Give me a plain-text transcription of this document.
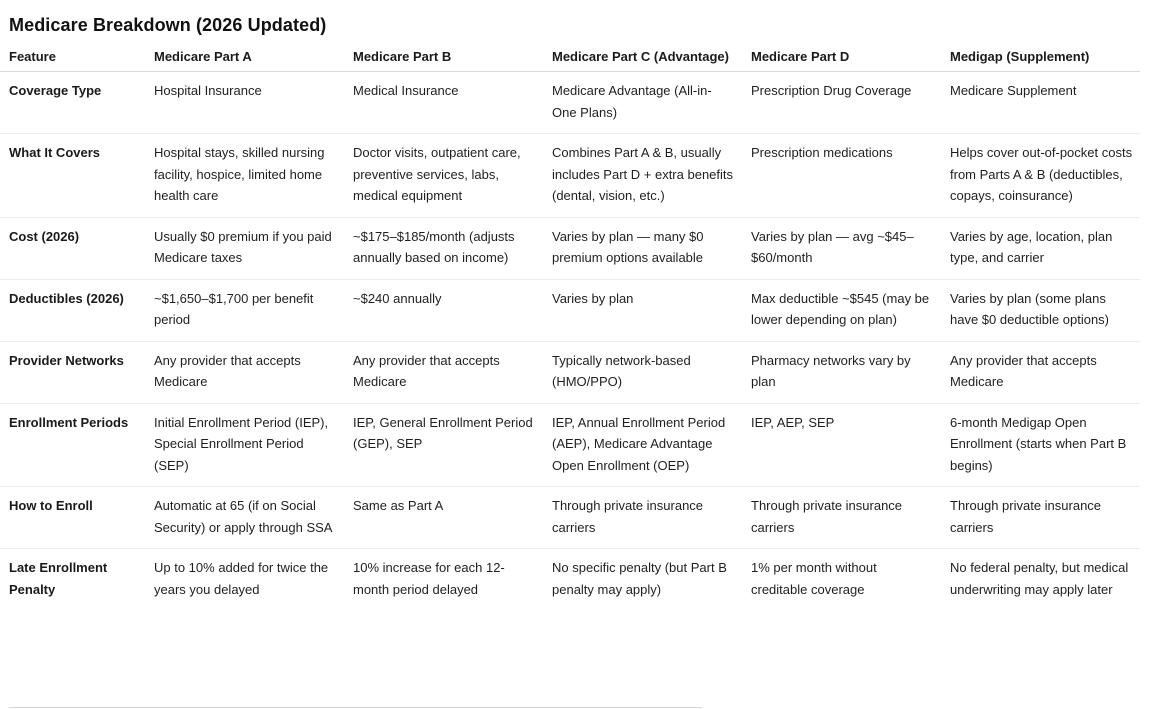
Medicare Breakdown (2026 Updated)
Feature	Medicare Part A	Medicare Part B	Medicare Part C (Advantage)	Medicare Part D	Medigap (Supplement)
Coverage Type	Hospital Insurance	Medical Insurance	Medicare Advantage (All-in-One Plans)	Prescription Drug Coverage	Medicare Supplement
What It Covers	Hospital stays, skilled nursing facility, hospice, limited home health care	Doctor visits, outpatient care, preventive services, labs, medical equipment	Combines Part A & B, usually includes Part D + extra benefits (dental, vision, etc.)	Prescription medications	Helps cover out-of-pocket costs from Parts A & B (deductibles, copays, coinsurance)
Cost (2026)	Usually $0 premium if you paid Medicare taxes	~$175–$185/month (adjusts annually based on income)	Varies by plan — many $0 premium options available	Varies by plan — avg ~$45–$60/month	Varies by age, location, plan type, and carrier
Deductibles (2026)	~$1,650–$1,700 per benefit period	~$240 annually	Varies by plan	Max deductible ~$545 (may be lower depending on plan)	Varies by plan (some plans have $0 deductible options)
Provider Networks	Any provider that accepts Medicare	Any provider that accepts Medicare	Typically network-based (HMO/PPO)	Pharmacy networks vary by plan	Any provider that accepts Medicare
Enrollment Periods	Initial Enrollment Period (IEP), Special Enrollment Period (SEP)	IEP, General Enrollment Period (GEP), SEP	IEP, Annual Enrollment Period (AEP), Medicare Advantage Open Enrollment (OEP)	IEP, AEP, SEP	6-month Medigap Open Enrollment (starts when Part B begins)
How to Enroll	Automatic at 65 (if on Social Security) or apply through SSA	Same as Part A	Through private insurance carriers	Through private insurance carriers	Through private insurance carriers
Late Enrollment Penalty	Up to 10% added for twice the years you delayed	10% increase for each 12-month period delayed	No specific penalty (but Part B penalty may apply)	1% per month without creditable coverage	No federal penalty, but medical underwriting may apply later
